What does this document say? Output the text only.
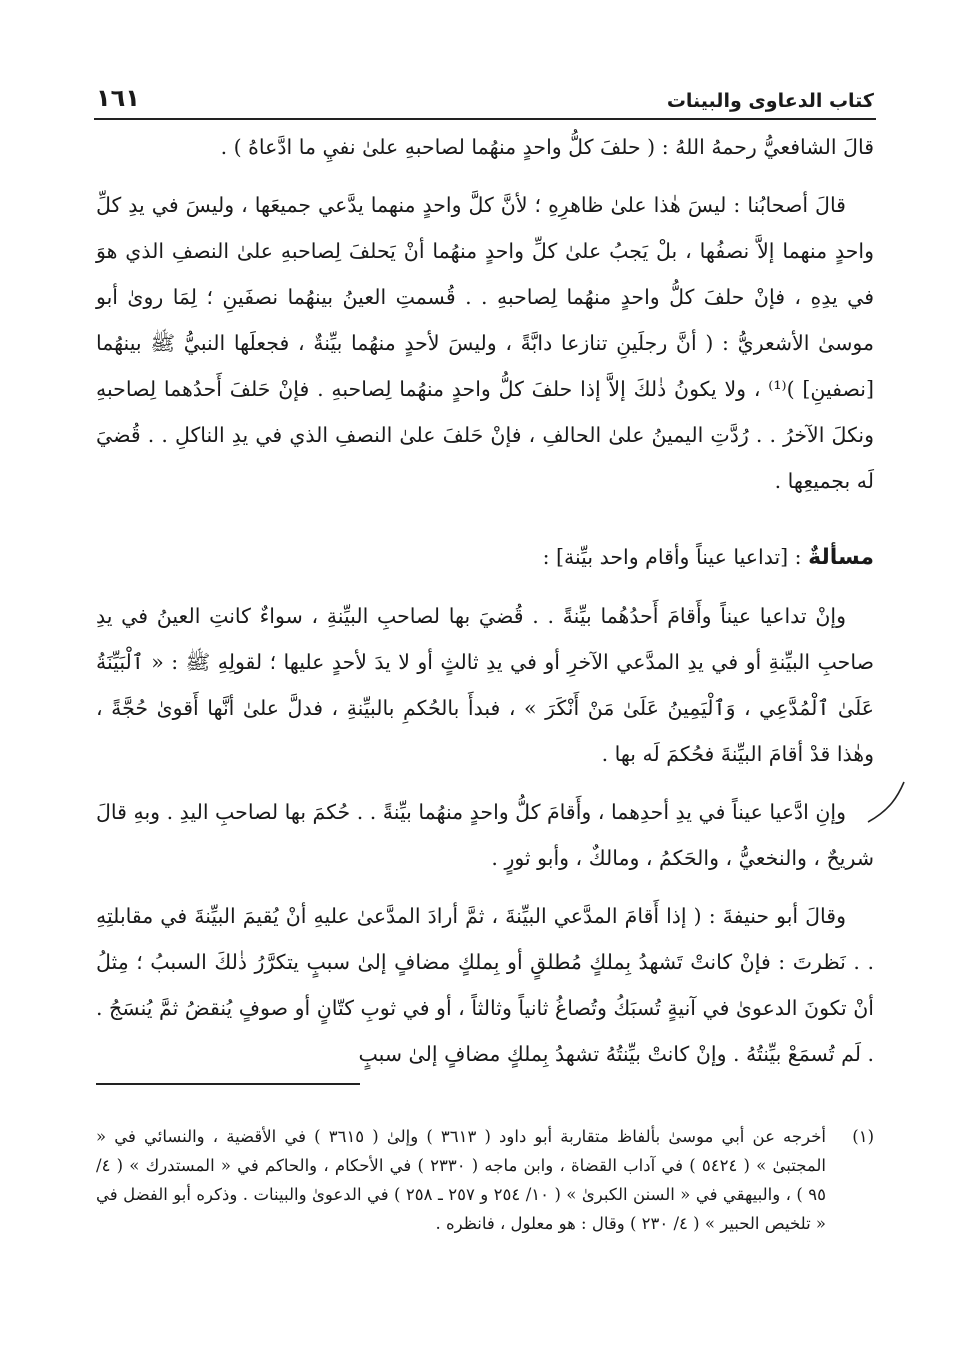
كتاب الدعاوى والبينات
١٦١

قالَ الشافعيُّ رحمهُ اللهُ : ( حلفَ كلُّ واحدٍ منهُما لصاحبهِ علىٰ نفيِ ما ادَّعاهُ ) .

قالَ أصحابُنا : ليسَ هٰذا علىٰ ظاهرِهِ ؛ لأنَّ كلَّ واحدٍ منهما يدَّعي جميعَها ، وليسَ في يدِ كلِّ واحدٍ منهما إلاَّ نصفُها ، بلْ يَجبُ علىٰ كلِّ واحدٍ منهُما أنْ يَحلفَ لِصاحبهِ علىٰ النصفِ الذي هوَ في يدِهِ ، فإنْ حلفَ كلُّ واحدٍ منهُما لِصاحبهِ . . قُسمتِ العينُ بينهُما نصفَينِ ؛ لِمَا روىٰ أبو موسىٰ الأشعريُّ : ( أنَّ رجلَينِ تنازعا دابَّةً ، وليسَ لأحدٍ منهُما بيِّنةٌ ، فجعلَها النبيُّ ﷺ بينهُما [نصفينِ] )⁽¹⁾ ، ولا يكونُ ذٰلكَ إلاَّ إذا حلفَ كلُّ واحدٍ منهُما لِصاحبهِ . فإنْ حَلفَ أَحدُهما لِصاحبهِ ونكلَ الآخرُ . . رُدَّتِ اليمينُ علىٰ الحالفِ ، فإنْ حَلفَ علىٰ النصفِ الذي في يدِ الناكلِ . . قُضيَ لَه بجميعِها .

مسألةٌ : [تداعيا عيناً وأقام واحد بيِّنة] :

وإنْ تداعيا عيناً وأَقامَ أَحدُهُما بيِّنةً . . قُضيَ بها لصاحبِ البيِّنةِ ، سواءٌ كانتِ العينُ في يدِ صاحبِ البيِّنةِ أو في يدِ المدَّعي الآخرِ أو في يدِ ثالثٍ أو لا يدَ لأحدٍ عليها ؛ لقولِهِ ﷺ : « ٱلْبَيِّنَةُ عَلَىٰ ٱلْمُدَّعِي ، وَٱلْيَمِينُ عَلَىٰ مَنْ أَنْكَرَ » ، فبدأَ بالحُكمِ بالبيِّنةِ ، فدلَّ علىٰ أنَّها أَقوىٰ حُجَّةً ، وهٰذا قدْ أقامَ البيِّنةَ فحُكمَ لَه بها .

وإنِ ادَّعيا عيناً في يدِ أحدِهما ، وأَقامَ كلُّ واحدٍ منهُما بيِّنةً . . حُكمَ بها لصاحبِ اليدِ . وبهِ قالَ شريحٌ ، والنخعيُّ ، والحَكمُ ، ومالكٌ ، وأبو ثورٍ .

وقالَ أبو حنيفةَ : ( إذا أَقامَ المدَّعي البيِّنةَ ، ثمَّ أرادَ المدَّعىٰ عليهِ أنْ يُقيمَ البيِّنةَ في مقابلتِهِ . . نَظرتَ : فإنْ كانتْ تَشهدُ بِملكٍ مُطلقٍ أو بِملكٍ مضافٍ إلىٰ سببٍ يتكرَّرُ ذٰلكَ السببُ ؛ مِثلُ أنْ تكونَ الدعوىٰ في آنيةٍ تُسبَكُ وتُصاغُ ثانياً وثالثاً ، أو في ثوبِ كتّانٍ أو صوفٍ يُنقضُ ثمَّ يُنسَجُ . . لَم تُسمَعْ بيِّنتُهُ . وإنْ كانتْ بيِّنتُهُ تشهدُ بِملكٍ مضافٍ إلىٰ سببٍ

(١)
أخرجه عن أبي موسىٰ بألفاظ متقاربة أبو داود ( ٣٦١٣ ) وإلىٰ ( ٣٦١٥ ) في الأقضية ، والنسائي في « المجتبىٰ » ( ٥٤٢٤ ) في آداب القضاة ، وابن ماجه ( ٢٣٣٠ ) في الأحكام ، والحاكم في « المستدرك » ( ٤/ ٩٥ ) ، والبيهقي في « السنن الكبرىٰ » ( ١٠/ ٢٥٤ و ٢٥٧ ـ ٢٥٨ ) في الدعوىٰ والبينات . وذكره أبو الفضل في « تلخيص الحبير » ( ٤/ ٢٣٠ ) وقال : هو معلول ، فانظره .
